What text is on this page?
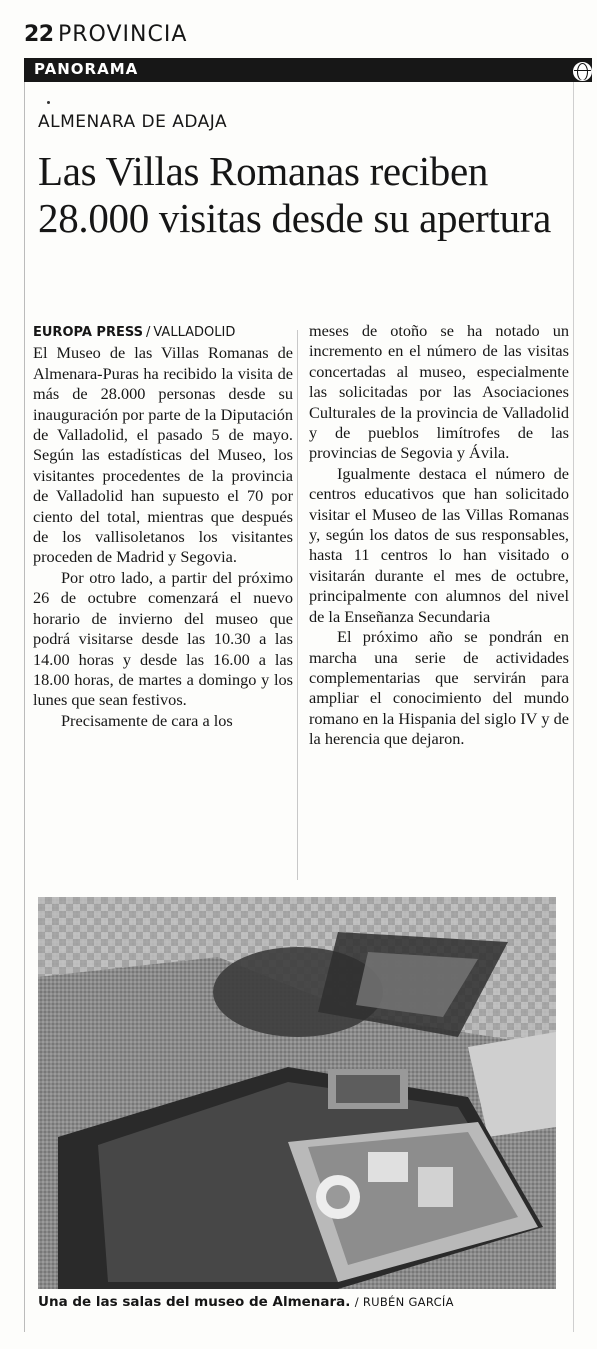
22 PROVINCIA
PANORAMA
ALMENARA DE ADAJA
Las Villas Romanas reciben 28.000 visitas desde su apertura

EUROPA PRESS / VALLADOLID

El Museo de las Villas Romanas de Almenara-Puras ha recibido la visita de más de 28.000 personas desde su inauguración por parte de la Diputación de Valladolid, el pasado 5 de mayo. Según las estadísticas del Museo, los visitantes procedentes de la provincia de Valladolid han supuesto el 70 por ciento del total, mientras que después de los vallisoletanos los visitantes proceden de Madrid y Segovia.

Por otro lado, a partir del próximo 26 de octubre comenzará el nuevo horario de invierno del museo que podrá visitarse desde las 10.30 a las 14.00 horas y desde las 16.00 a las 18.00 horas, de martes a domingo y los lunes que sean festivos.

Precisamente de cara a los

meses de otoño se ha notado un incremento en el número de las visitas concertadas al museo, especialmente las solicitadas por las Asociaciones Culturales de la provincia de Valladolid y de pueblos limítrofes de las provincias de Segovia y Ávila.

Igualmente destaca el número de centros educativos que han solicitado visitar el Museo de las Villas Romanas y, según los datos de sus responsables, hasta 11 centros lo han visitado o visitarán durante el mes de octubre, principalmente con alumnos del nivel de la Enseñanza Secundaria

El próximo año se pondrán en marcha una serie de actividades complementarias que servirán para ampliar el conocimiento del mundo romano en la Hispania del siglo IV y de la herencia que dejaron.

Una de las salas del museo de Almenara. / RUBÉN GARCÍA
